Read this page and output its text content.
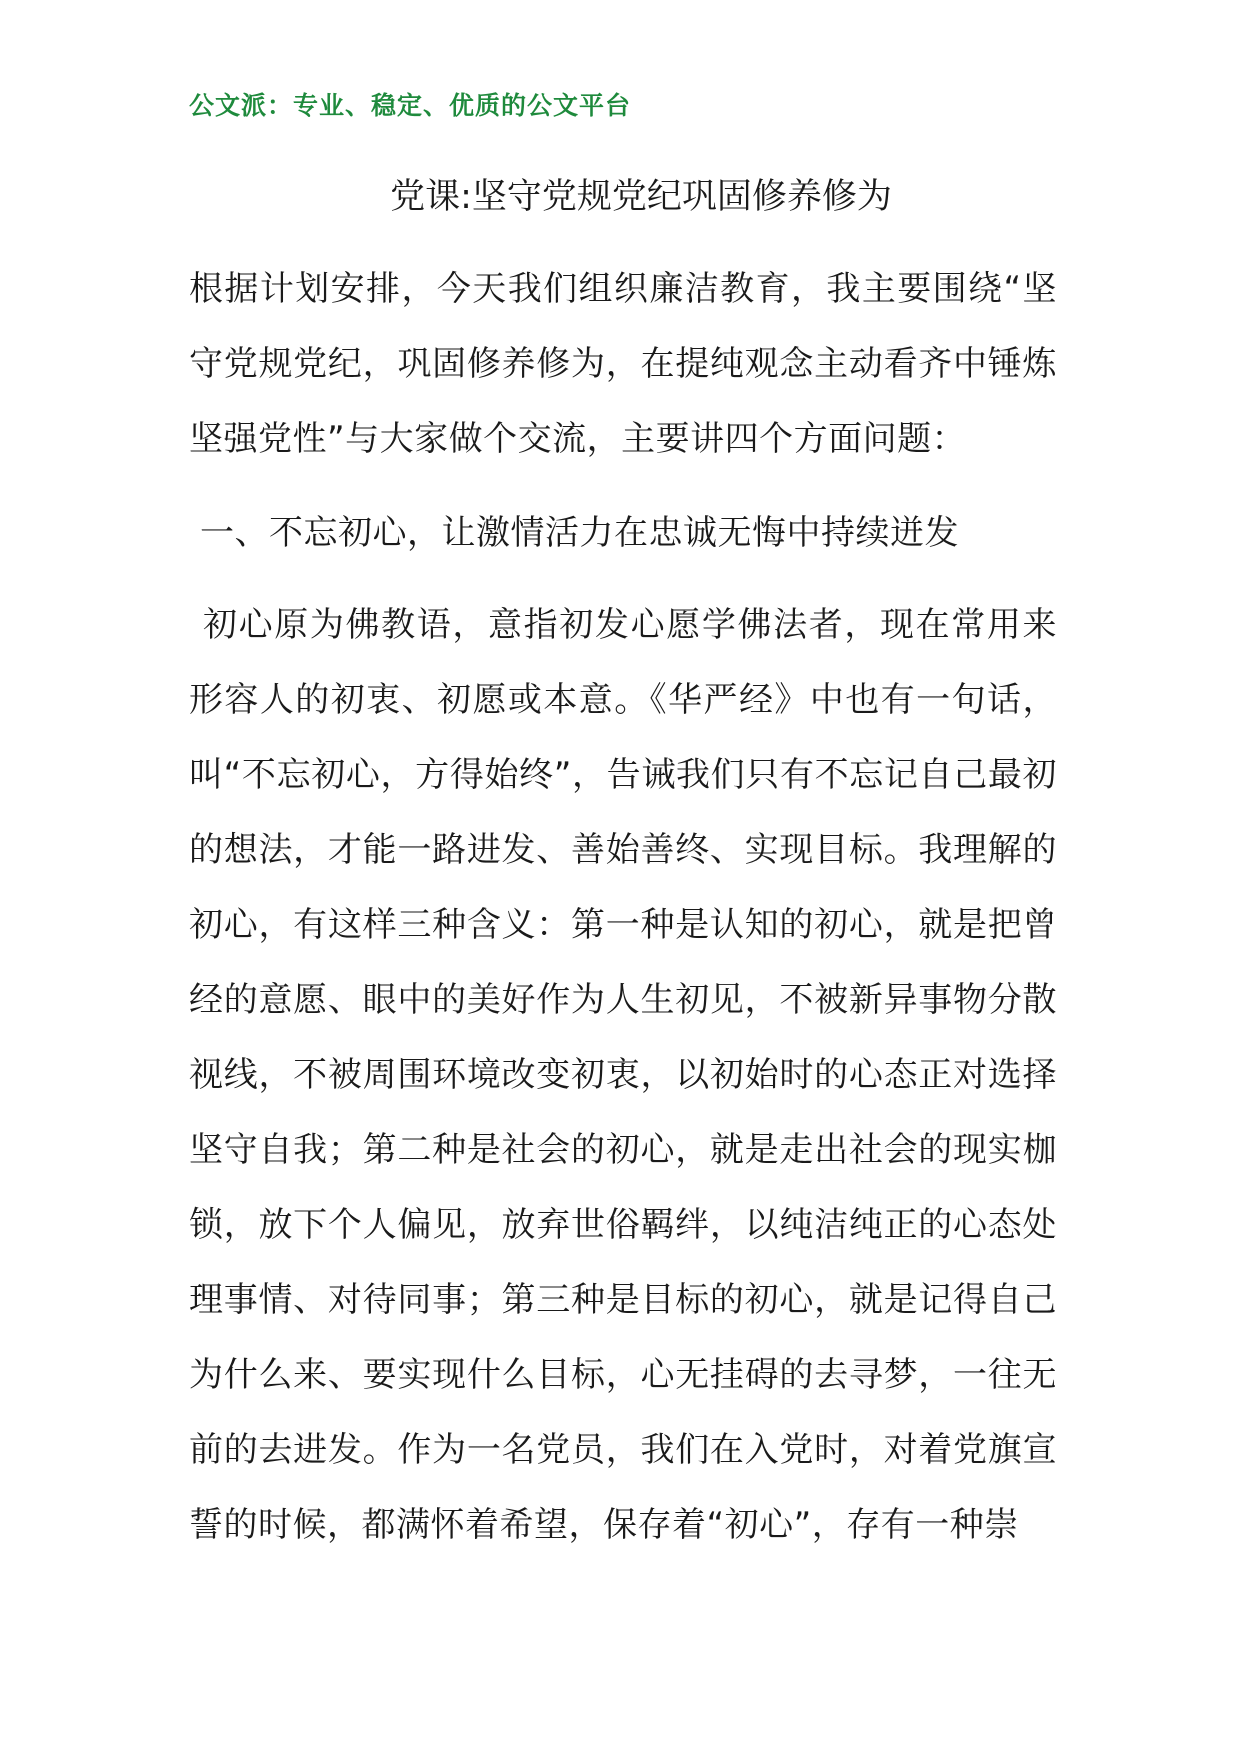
公文派：专业、稳定、优质的公文平台
党课:坚守党规党纪巩固修养修为
根据计划安排，今天我们组织廉洁教育，我主要围绕“坚守党规党纪，巩固修养修为，在提纯观念主动看齐中锤炼坚强党性”与大家做个交流，主要讲四个方面问题：
一、不忘初心，让激情活力在忠诚无悔中持续迸发
初心原为佛教语，意指初发心愿学佛法者，现在常用来形容人的初衷、初愿或本意。《华严经》中也有一句话，叫“不忘初心，方得始终”，告诫我们只有不忘记自己最初的想法，才能一路进发、善始善终、实现目标。我理解的初心，有这样三种含义：第一种是认知的初心，就是把曾经的意愿、眼中的美好作为人生初见，不被新异事物分散视线，不被周围环境改变初衷，以初始时的心态正对选择坚守自我；第二种是社会的初心，就是走出社会的现实枷锁，放下个人偏见，放弃世俗羁绊，以纯洁纯正的心态处理事情、对待同事；第三种是目标的初心，就是记得自己为什么来、要实现什么目标，心无挂碍的去寻梦，一往无前的去进发。作为一名党员，我们在入党时，对着党旗宣誓的时候，都满怀着希望，保存着“初心”，存有一种崇
